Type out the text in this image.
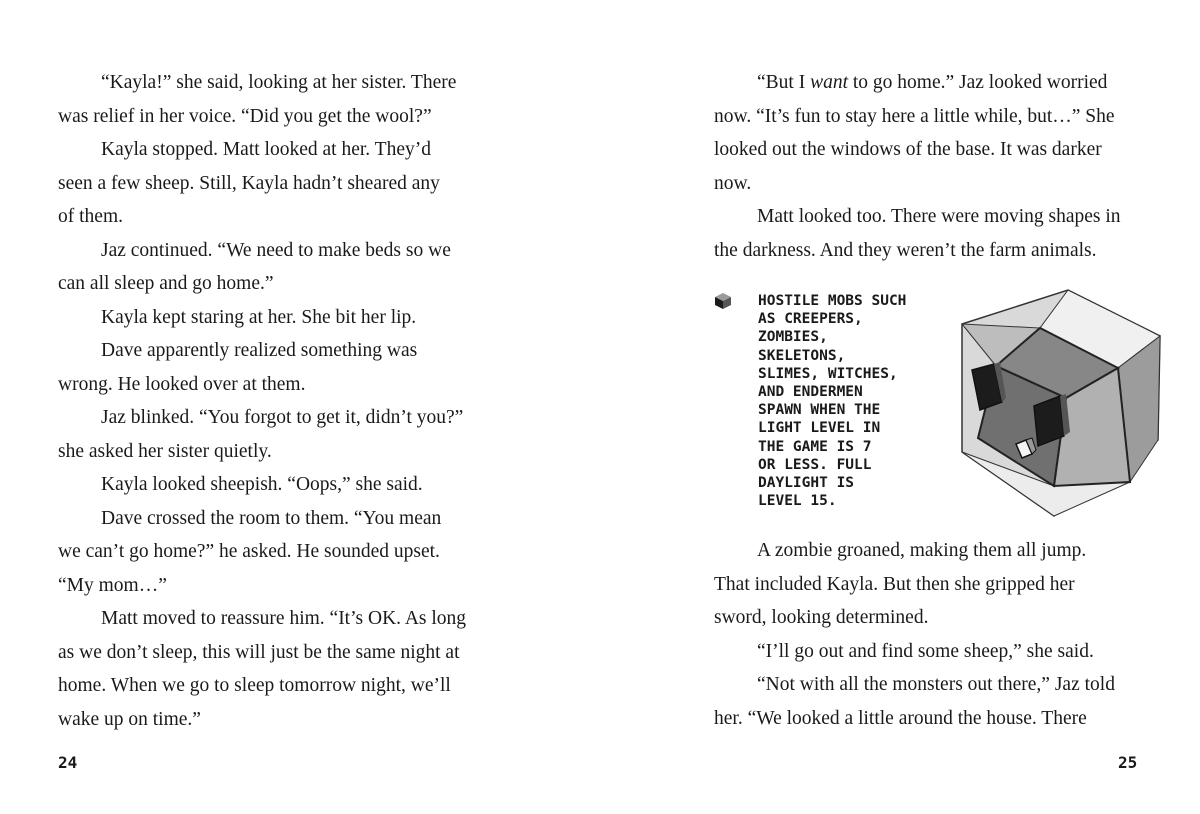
“Kayla!” she said, looking at her sister. There
was relief in her voice. “Did you get the wool?”
Kayla stopped. Matt looked at her. They’d
seen a few sheep. Still, Kayla hadn’t sheared any
of them.
Jaz continued. “We need to make beds so we
can all sleep and go home.”
Kayla kept staring at her. She bit her lip.
Dave apparently realized something was
wrong. He looked over at them.
Jaz blinked. “You forgot to get it, didn’t you?”
she asked her sister quietly.
Kayla looked sheepish. “Oops,” she said.
Dave crossed the room to them. “You mean
we can’t go home?” he asked. He sounded upset.
“My mom…”
Matt moved to reassure him. “It’s OK. As long
as we don’t sleep, this will just be the same night at
home. When we go to sleep tomorrow night, we’ll
wake up on time.”
24
“But I want to go home.” Jaz looked worried
now. “It’s fun to stay here a little while, but…” She
looked out the windows of the base. It was darker
now.
Matt looked too. There were moving shapes in
the darkness. And they weren’t the farm animals.
HOSTILE MOBS SUCH
AS CREEPERS,
ZOMBIES,
SKELETONS,
SLIMES, WITCHES,
AND ENDERMEN
SPAWN WHEN THE
LIGHT LEVEL IN
THE GAME IS 7
OR LESS. FULL
DAYLIGHT IS
LEVEL 15.
A zombie groaned, making them all jump.
That included Kayla. But then she gripped her
sword, looking determined.
“I’ll go out and find some sheep,” she said.
“Not with all the monsters out there,” Jaz told
her. “We looked a little around the house. There
25
